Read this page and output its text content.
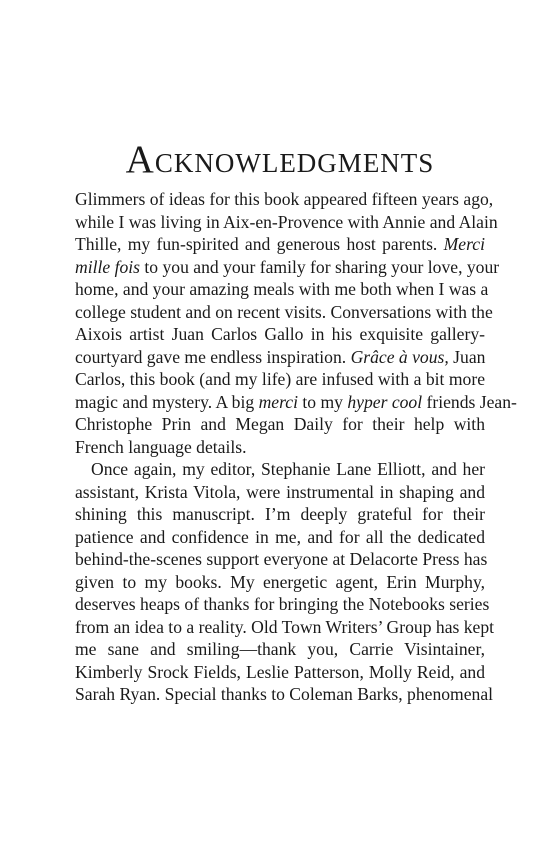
Acknowledgments
Glimmers of ideas for this book appeared fifteen years ago,
while I was living in Aix-en-Provence with Annie and Alain
Thille, my fun-spirited and generous host parents. Merci
mille fois to you and your family for sharing your love, your
home, and your amazing meals with me both when I was a
college student and on recent visits. Conversations with the
Aixois artist Juan Carlos Gallo in his exquisite gallery-
courtyard gave me endless inspiration. Grâce à vous, Juan
Carlos, this book (and my life) are infused with a bit more
magic and mystery. A big merci to my hyper cool friends Jean-
Christophe Prin and Megan Daily for their help with
French language details.
Once again, my editor, Stephanie Lane Elliott, and her
assistant, Krista Vitola, were instrumental in shaping and
shining this manuscript. I’m deeply grateful for their
patience and confidence in me, and for all the dedicated
behind-the-scenes support everyone at Delacorte Press has
given to my books. My energetic agent, Erin Murphy,
deserves heaps of thanks for bringing the Notebooks series
from an idea to a reality. Old Town Writers’ Group has kept
me sane and smiling—thank you, Carrie Visintainer,
Kimberly Srock Fields, Leslie Patterson, Molly Reid, and
Sarah Ryan. Special thanks to Coleman Barks, phenomenal
